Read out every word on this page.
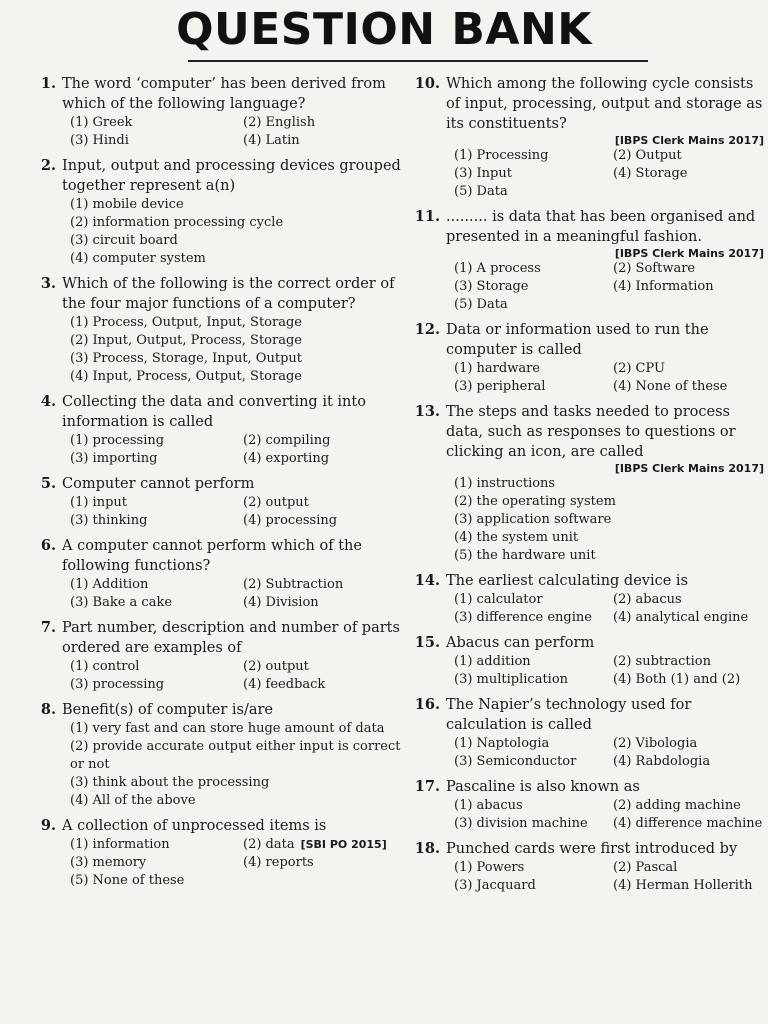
QUESTION BANK
1. The word ‘computer’ has been derived from which of the following language?
(1) Greek	(2) English
(3) Hindi	(4) Latin
2. Input, output and processing devices grouped together represent a(n)
(1) mobile device
(2) information processing cycle
(3) circuit board
(4) computer system
3. Which of the following is the correct order of the four major functions of a computer?
(1) Process, Output, Input, Storage
(2) Input, Output, Process, Storage
(3) Process, Storage, Input, Output
(4) Input, Process, Output, Storage
4. Collecting the data and converting it into information is called
(1) processing	(2) compiling
(3) importing	(4) exporting
5. Computer cannot perform
(1) input	(2) output
(3) thinking	(4) processing
6. A computer cannot perform which of the following functions?
(1) Addition	(2) Subtraction
(3) Bake a cake	(4) Division
7. Part number, description and number of parts ordered are examples of
(1) control	(2) output
(3) processing	(4) feedback
8. Benefit(s) of computer is/are
(1) very fast and can store huge amount of data
(2) provide accurate output either input is correct or not
(3) think about the processing
(4) All of the above
9. A collection of unprocessed items is
(1) information	(2) data [SBI PO 2015]
(3) memory	(4) reports
(5) None of these
10. Which among the following cycle consists of input, processing, output and storage as its constituents?
[IBPS Clerk Mains 2017]
(1) Processing	(2) Output
(3) Input	(4) Storage
(5) Data
11. ......... is data that has been organised and presented in a meaningful fashion.
[IBPS Clerk Mains 2017]
(1) A process	(2) Software
(3) Storage	(4) Information
(5) Data
12. Data or information used to run the computer is called
(1) hardware	(2) CPU
(3) peripheral	(4) None of these
13. The steps and tasks needed to process data, such as responses to questions or clicking an icon, are called
[IBPS Clerk Mains 2017]
(1) instructions
(2) the operating system
(3) application software
(4) the system unit
(5) the hardware unit
14. The earliest calculating device is
(1) calculator	(2) abacus
(3) difference engine	(4) analytical engine
15. Abacus can perform
(1) addition	(2) subtraction
(3) multiplication	(4) Both (1) and (2)
16. The Napier’s technology used for calculation is called
(1) Naptologia	(2) Vibologia
(3) Semiconductor	(4) Rabdologia
17. Pascaline is also known as
(1) abacus	(2) adding machine
(3) division machine	(4) difference machine
18. Punched cards were first introduced by
(1) Powers	(2) Pascal
(3) Jacquard	(4) Herman Hollerith
